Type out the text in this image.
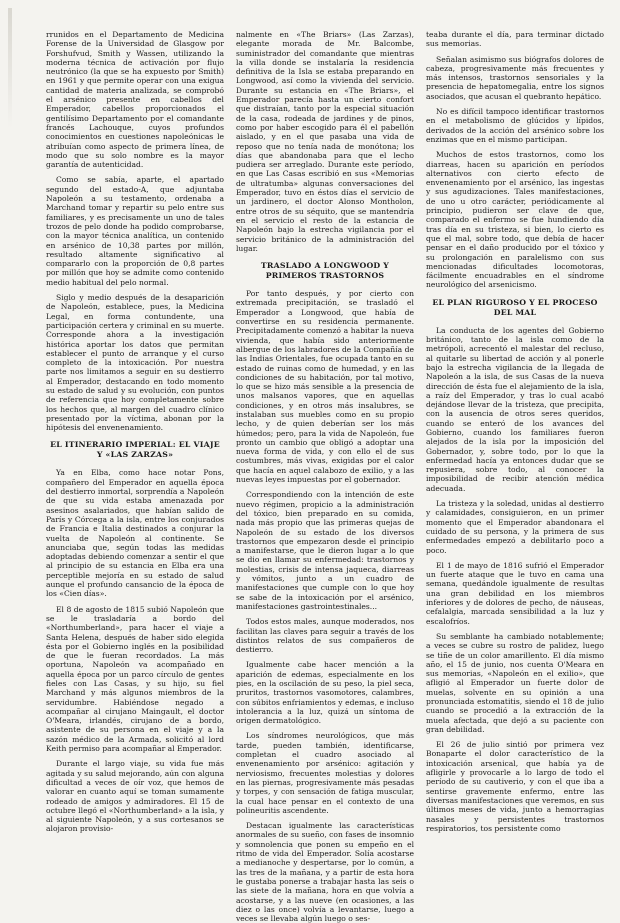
rrunidos en el Departamento de Medicina Forense de la Universidad de Glasgow por Forshufvud, Smith y Wassen, utilizando la moderna técnica de activación por flujo neutrónico (la que se ha expuesto por Smith) en 1961 y que permite operar con una exigua cantidad de materia analizada, se comprobó el arsénico presente en cabellos del Emperador, cabellos proporcionados el gentilísimo Departamento por el comandante francés Lachouque, cuyos profundos conocimientos en cuestiones napoleónicas le atribuían como aspecto de primera línea, de modo que su solo nombre es la mayor garantía de autenticidad.

Como se sabía, aparte, el apartado segundo del estado-A, que adjuntaba Napoleón a su testamento, ordenaba a Marchand tomar y repartir su pelo entre sus familiares, y es precisamente un uno de tales trozos de pelo donde ha podido comprobarse, con la mayor técnica analítica, un contenido en arsénico de 10,38 partes por millón, resultado altamente significativo al compararlo con la proporción de 0,8 partes por millón que hoy se admite como contenido medio habitual del pelo normal.

Siglo y medio después de la desaparición de Napoleón, establece, pues, la Medicina Legal, en forma contundente, una participación certera y criminal en su muerte. Corresponde ahora a la investigación histórica aportar los datos que permitan establecer el punto de arranque y el curso completo de la intoxicación. Por nuestra parte nos limitamos a seguir en su destierro al Emperador, destacando en todo momento su estado de salud y su evolución, con puntos de referencia que hoy completamente sobre los hechos que, al margen del cuadro clínico presentado por la víctima, abonan por la hipótesis del envenenamiento.

EL ITINERARIO IMPERIAL: EL VIAJE Y «LAS ZARZAS»

Ya en Elba, como hace notar Pons, compañero del Emperador en aquella época del destierro inmortal, sorprendía a Napoleón de que su vida estaba amenazada por asesinos asalariados, que habían salido de París y Córcega a la isla, entre los conjurados de Francia e Italia destinados a conjurar la vuelta de Napoleón al continente. Se anunciaba que, según todas las medidas adoptadas debiendo comenzar a sentir el que al principio de su estancia en Elba era una perceptible mejoría en su estado de salud aunque el profundo cansancio de la época de los «Cien días».

El 8 de agosto de 1815 subió Napoleón que se le trasladaría a bordo del «Northumberland», para hacer el viaje a Santa Helena, después de haber sido elegida ésta por el Gobierno inglés en la posibilidad de que le fueran recordados. La más oportuna, Napoleón va acompañado en aquella época por un parco círculo de gentes fieles con Las Casas, y su hijo, su fiel Marchand y más algunos miembros de la servidumbre. Habiéndose negado a acompañar al cirujano Maingault, el doctor O'Meara, irlandés, cirujano de a bordo, asistente de su persona en el viaje y a la sazón médico de la Armada, solicitó al lord Keith permiso para acompañar al Emperador.

Durante el largo viaje, su vida fue más agitada y su salud mejorando, aún con alguna dificultad a veces de oír voz, que hemos de valorar en cuanto aquí se toman sumamente rodeado de amigos y admiradores. El 15 de octubre llegó el «Northumberland» a la isla, y al siguiente Napoleón, y a sus cortesanos se alojaron provisio-

nalmente en «The Briars» (Las Zarzas), elegante morada de Mr. Balcombe, suministrador del comandante que mientras la villa donde se instalaría la residencia definitiva de la Isla se estaba preparando en Longwood, así como la vivienda del servicio. Durante su estancia en «The Briars», el Emperador parecía hasta un cierto confort que distraían, tanto por la especial situación de la casa, rodeada de jardines y de pinos, como por haber escogido para él el pabellón aislado, y en el que pasaba una vida de reposo que no tenía nada de monótona; los días que abandonaba para que el lecho pudiera ser arreglado. Durante este período, en que Las Casas escribió en sus «Memorias de ultratumba» algunas conversaciones del Emperador, tuvo en éstos días el servicio de un jardinero, el doctor Alonso Montholon, entre otros de su séquito, que se mantendría en el servicio el resto de la estancia de Napoleón bajo la estrecha vigilancia por el servicio británico de la administración del lugar.

TRASLADO A LONGWOOD Y PRIMEROS TRASTORNOS

Por tanto después, y por cierto con extremada precipitación, se trasladó el Emperador a Longwood, que había de convertirse en su residencia permanente. Precipitadamente comenzó a habitar la nueva vivienda, que había sido anteriormente albergue de los labradores de la Compañía de las Indias Orientales, fue ocupada tanto en su estado de ruinas como de humedad, y en las condiciones de su habitación, por tal motivo, lo que se hizo más sensible a la presencia de unos malsanos vapores, que en aquellas condiciones, y en otros más insalubres, se instalaban sus muebles como en su propio lecho, y de quien deberían ser los más húmedos; pero, para la vida de Napoleón, fue pronto un cambio que obligó a adoptar una nueva forma de vida, y con ello el de sus costumbres, más vivas, exigidas por el calor que hacía en aquel calabozo de exilio, y a las nuevas leyes impuestas por el gobernador.

Correspondiendo con la intención de este nuevo régimen, propicio a la administración del tóxico, bien preparado en su comida, nada más propio que las primeras quejas de Napoleón de su estado de los diversos trastornos que empezaron desde el principio a manifestarse, que le dieron lugar a lo que se dio en llamar su enfermedad: trastornos y molestias, crisis de intensa jaqueca, diarreas y vómitos, junto a un cuadro de manifestaciones que cumple con lo que hoy se sabe de la intoxicación por el arsénico, manifestaciones gastrointestinales...

Todos estos males, aunque moderados, nos facilitan las claves para seguir a través de los distintos relatos de sus compañeros de destierro.

Igualmente cabe hacer mención a la aparición de edemas, especialmente en los pies, en la oscilación de su peso, la piel seca, pruritos, trastornos vasomotores, calambres, con súbitos enfriamientos y edemas, e incluso intolerancia a la luz, quizá un síntoma de origen dermatológico.

Los síndromes neurológicos, que más tarde, pueden también, identificarse, completan el cuadro asociado al envenenamiento por arsénico: agitación y nerviosismo, frecuentes molestias y dolores en las piernas, progresivamente más pesadas y torpes, y con sensación de fatiga muscular, la cual hace pensar en el contexto de una polineuritis ascendente.

Destacan igualmente las características anormales de su sueño, con fases de insomnio y somnolencia que ponen su empeño en el ritmo de vida del Emperador. Solía acostarse a medianoche y despertarse, por lo común, a las tres de la mañana, y a partir de esta hora le gustaba ponerse a trabajar hasta las seis o las siete de la mañana, hora en que volvía a acostarse, y a las nueve (en ocasiones, a las diez o las once) volvía a levantarse, luego a veces se llevaba algún luego o ses-

teaba durante el día, para terminar dictado sus memorias.

Señalan asimismo sus biógrafos dolores de cabeza, progresivamente más frecuentes y más intensos, trastornos sensoriales y la presencia de hepatomegalia, entre los signos asociados, que acusan el quebranto hepático.

No es difícil tampoco identificar trastornos en el metabolismo de glúcidos y lípidos, derivados de la acción del arsénico sobre los enzimas que en el mismo participan.

Muchos de estos trastornos, como los diarreas, hacen su aparición en períodos alternativos con cierto efecto de envenenamiento por el arsénico, las ingestas y sus agudizaciones. Tales manifestaciones, de uno u otro carácter, periódicamente al principio, pudieron ser clave de que, comparado el enfermo se fue hundiendo día tras día en su tristeza, si bien, lo cierto es que el mal, sobre todo, que debía de hacer pensar en el daño producido por el tóxico y su prolongación en paralelismo con sus mencionadas dificultades locomotoras, fácilmente encuadrables en el síndrome neurológico del arsenicismo.

EL PLAN RIGUROSO Y EL PROCESO DEL MAL

La conducta de los agentes del Gobierno británico, tanto de la isla como de la metrópoli, acrecentó el malestar del recluso, al quitarle su libertad de acción y al ponerle bajo la estrecha vigilancia de la llegada de Napoleón a la isla, de sus Casas de la nueva dirección de ésta fue el alejamiento de la isla, a raíz del Emperador, y tras lo cual acabó dejándose llevar de la tristeza, que precipita, con la ausencia de otros seres queridos, cuando se enteró de los avances del Gobierno, cuando los familiares fueron alejados de la isla por la imposición del Gobernador, y, sobre todo, por lo que la enfermedad hacía ya entonces dudar que se repusiera, sobre todo, al conocer la imposibilidad de recibir atención médica adecuada.

La tristeza y la soledad, unidas al destierro y calamidades, consiguieron, en un primer momento que el Emperador abandonara el cuidado de su persona, y la primera de sus enfermedades empezó a debilitarlo poco a poco.

El 1 de mayo de 1816 sufrió el Emperador un fuerte ataque que le tuvo en cama una semana, quedándole igualmente de resultas una gran debilidad en los miembros inferiores y de dolores de pecho, de náuseas, cefalalgia, marcada sensibilidad a la luz y escalofríos.

Su semblante ha cambiado notablemente; a veces se cubre su rostro de palidez, luego se tiñe de un color amarillento. El día mismo año, el 15 de junio, nos cuenta O'Meara en sus memorias, «Napoleón en el exilio», que afligió al Emperador un fuerte dolor de muelas, solvente en su opinión a una pronunciada estomatitis, siendo el 18 de julio cuando se procedió a la extracción de la muela afectada, que dejó a su paciente con gran debilidad.

El 26 de julio sintió por primera vez Bonaparte el dolor característico de la intoxicación arsenical, que había ya de afligirle y provocarle a lo largo de todo el período de su cautiverio, y con el que iba a sentirse gravemente enfermo, entre las diversas manifestaciones que veremos, en sus últimos meses de vida, junto a hemorragias nasales y persistentes trastornos respiratorios, tos persistente como
